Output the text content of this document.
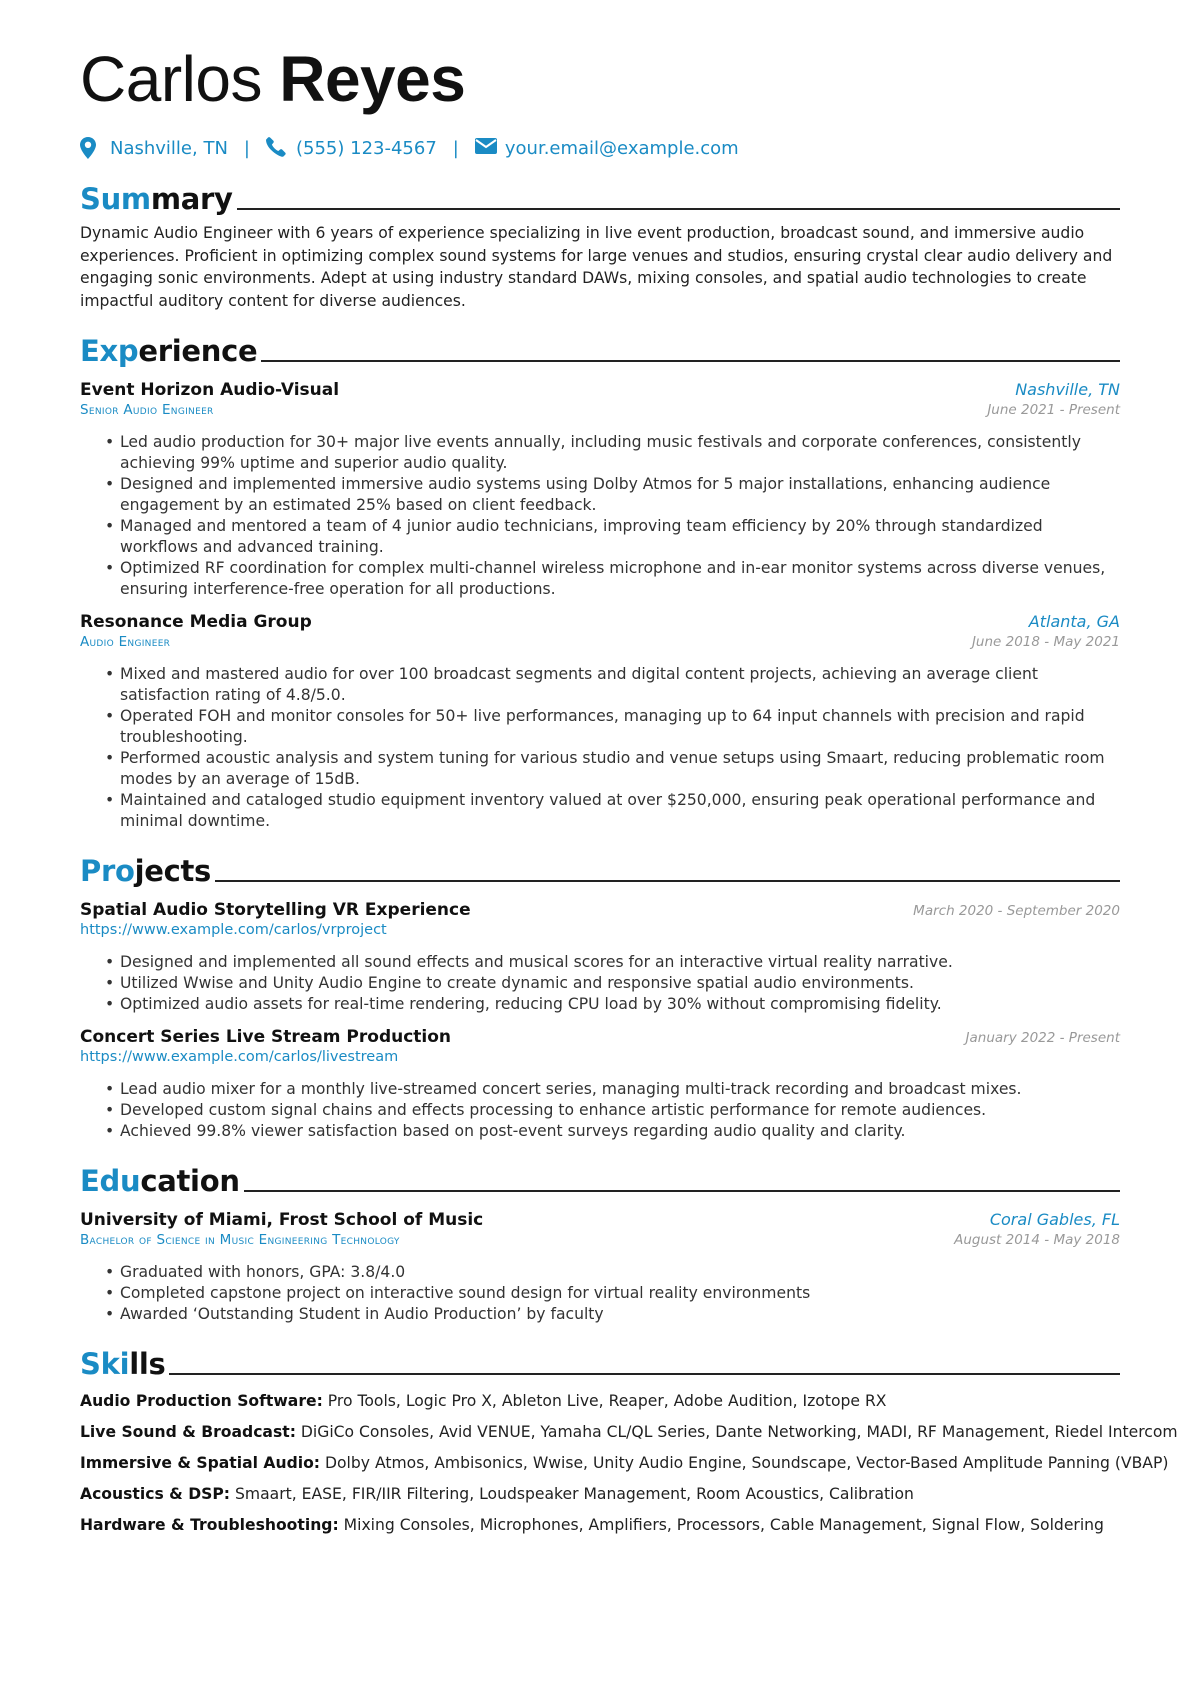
Carlos Reyes
Nashville, TN |	(555) 123-4567 |	your.email@example.com
Summary
Dynamic Audio Engineer with 6 years of experience specializing in live event production, broadcast sound, and immersive audio experiences. Proficient in optimizing complex sound systems for large venues and studios, ensuring crystal clear audio delivery and engaging sonic environments. Adept at using industry standard DAWs, mixing consoles, and spatial audio technologies to create impactful auditory content for diverse audiences.
Experience
Event Horizon Audio-Visual	Nashville, TN
Senior Audio Engineer	June 2021 - Present
• Led audio production for 30+ major live events annually, including music festivals and corporate conferences, consistently achieving 99% uptime and superior audio quality.
• Designed and implemented immersive audio systems using Dolby Atmos for 5 major installations, enhancing audience engagement by an estimated 25% based on client feedback.
• Managed and mentored a team of 4 junior audio technicians, improving team efficiency by 20% through standardized workflows and advanced training.
• Optimized RF coordination for complex multi-channel wireless microphone and in-ear monitor systems across diverse venues, ensuring interference-free operation for all productions.
Resonance Media Group	Atlanta, GA
Audio Engineer	June 2018 - May 2021
• Mixed and mastered audio for over 100 broadcast segments and digital content projects, achieving an average client satisfaction rating of 4.8/5.0.
• Operated FOH and monitor consoles for 50+ live performances, managing up to 64 input channels with precision and rapid troubleshooting.
• Performed acoustic analysis and system tuning for various studio and venue setups using Smaart, reducing problematic room modes by an average of 15dB.
• Maintained and cataloged studio equipment inventory valued at over $250,000, ensuring peak operational performance and minimal downtime.
Projects
Spatial Audio Storytelling VR Experience	March 2020 - September 2020
https://www.example.com/carlos/vrproject
• Designed and implemented all sound effects and musical scores for an interactive virtual reality narrative.
• Utilized Wwise and Unity Audio Engine to create dynamic and responsive spatial audio environments.
• Optimized audio assets for real-time rendering, reducing CPU load by 30% without compromising fidelity.
Concert Series Live Stream Production	January 2022 - Present
https://www.example.com/carlos/livestream
• Lead audio mixer for a monthly live-streamed concert series, managing multi-track recording and broadcast mixes.
• Developed custom signal chains and effects processing to enhance artistic performance for remote audiences.
• Achieved 99.8% viewer satisfaction based on post-event surveys regarding audio quality and clarity.
Education
University of Miami, Frost School of Music	Coral Gables, FL
Bachelor of Science in Music Engineering Technology	August 2014 - May 2018
• Graduated with honors, GPA: 3.8/4.0
• Completed capstone project on interactive sound design for virtual reality environments
• Awarded ‘Outstanding Student in Audio Production’ by faculty
Skills
Audio Production Software: Pro Tools, Logic Pro X, Ableton Live, Reaper, Adobe Audition, Izotope RX
Live Sound & Broadcast: DiGiCo Consoles, Avid VENUE, Yamaha CL/QL Series, Dante Networking, MADI, RF Management, Riedel Intercom
Immersive & Spatial Audio: Dolby Atmos, Ambisonics, Wwise, Unity Audio Engine, Soundscape, Vector-Based Amplitude Panning (VBAP)
Acoustics & DSP: Smaart, EASE, FIR/IIR Filtering, Loudspeaker Management, Room Acoustics, Calibration
Hardware & Troubleshooting: Mixing Consoles, Microphones, Amplifiers, Processors, Cable Management, Signal Flow, Soldering
